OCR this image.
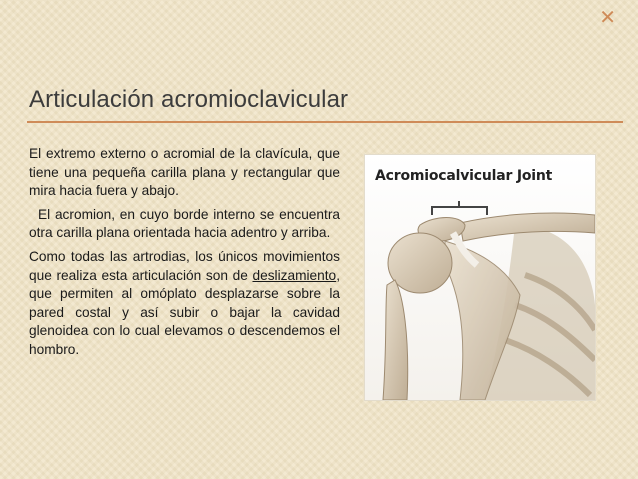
✕
Articulación acromioclavicular

El extremo externo o acromial de la clavícula, que tiene una pequeña carilla plana y rectangular que mira hacia fuera y abajo.

El acromion, en cuyo borde interno se encuentra otra carilla plana orientada hacia adentro y arriba.

Como todas las artrodias, los únicos movimientos que realiza esta articulación son de deslizamiento, que permiten al omóplato desplazarse sobre la pared costal y así subir o bajar la cavidad glenoidea con lo cual elevamos o descendemos el hombro.

Acromiocalvicular Joint
